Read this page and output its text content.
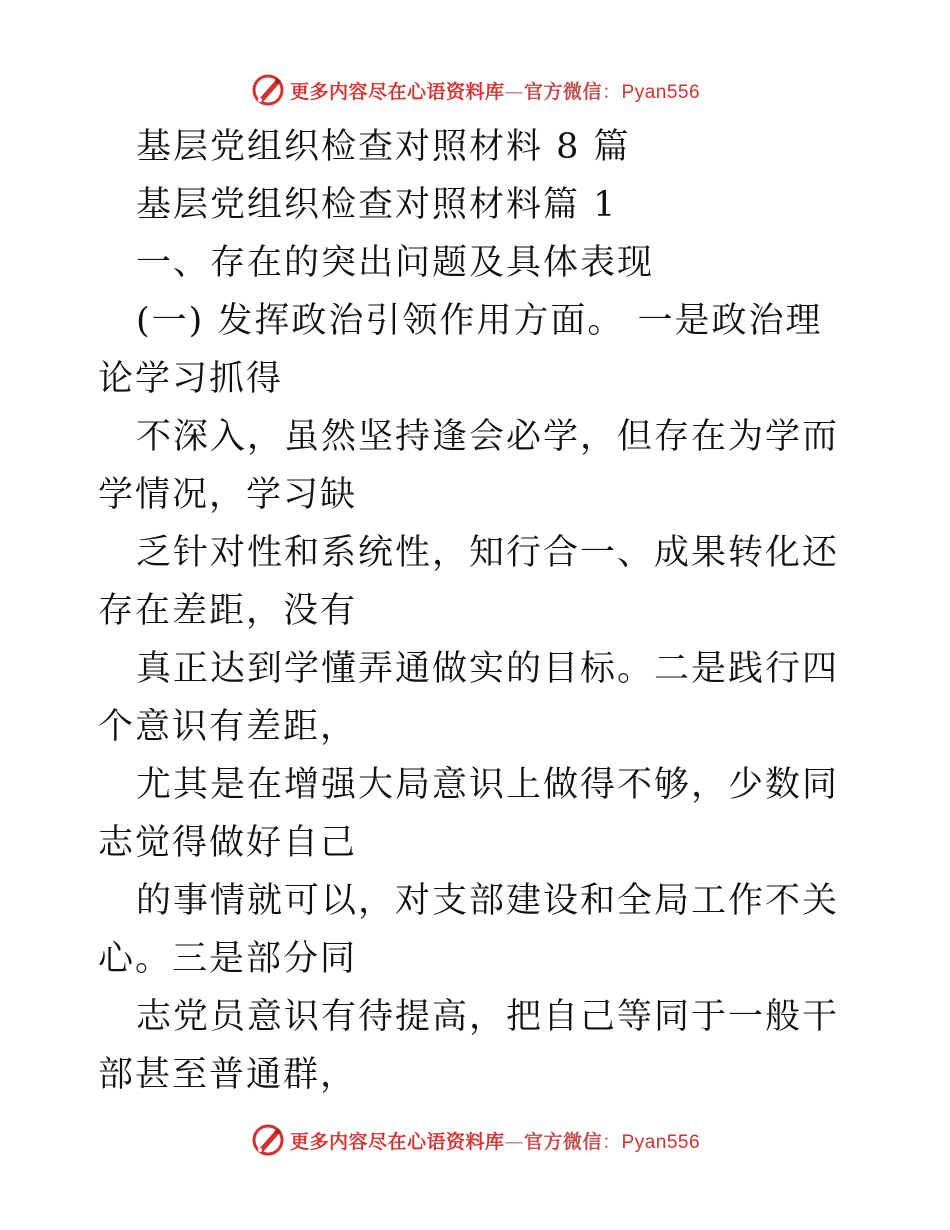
更多内容尽在心语资料库—官方微信：Pyan556

基层党组织检查对照材料 8 篇

基层党组织检查对照材料篇 1

一、存在的突出问题及具体表现

(一) 发挥政治引领作用方面。 一是政治理论学习抓得

不深入，虽然坚持逢会必学，但存在为学而学情况，学习缺

乏针对性和系统性，知行合一、成果转化还存在差距，没有

真正达到学懂弄通做实的目标。二是践行四个意识有差距，

尤其是在增强大局意识上做得不够，少数同志觉得做好自己

的事情就可以，对支部建设和全局工作不关心。三是部分同

志党员意识有待提高，把自己等同于一般干部甚至普通群，

更多内容尽在心语资料库—官方微信：Pyan556
